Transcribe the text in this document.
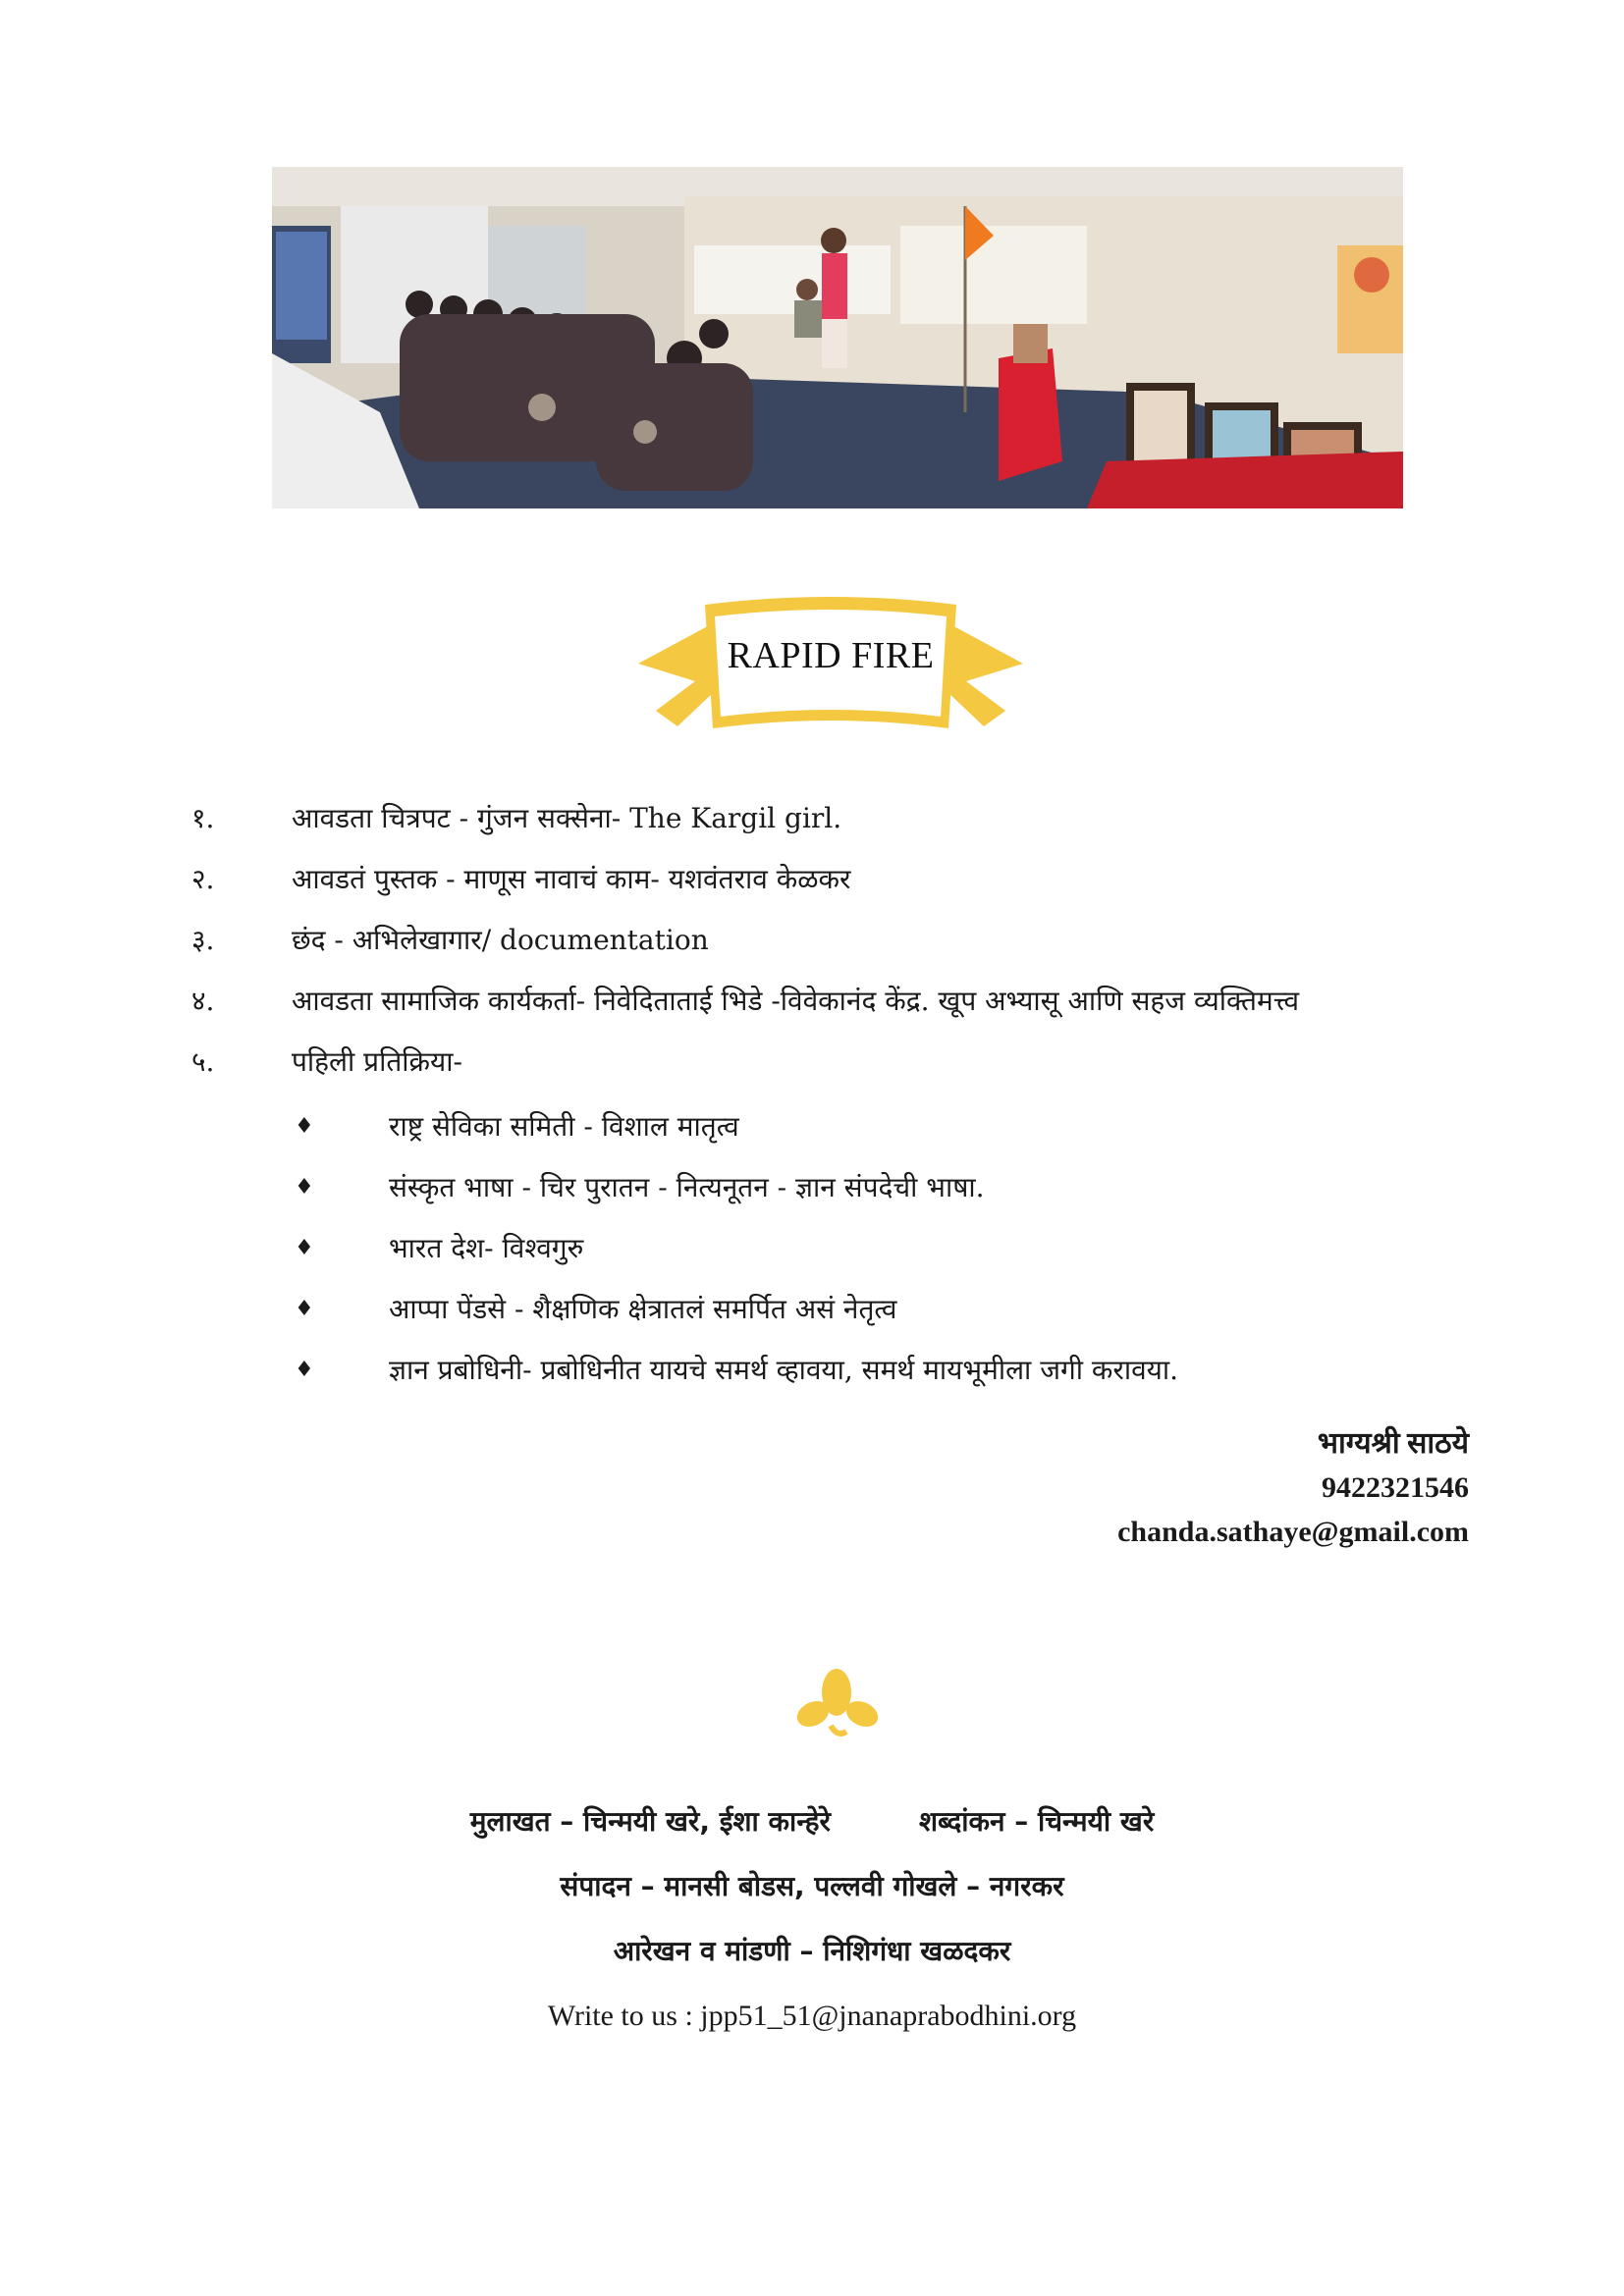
RAPID FIRE
१.	आवडता चित्रपट - गुंजन सक्सेना- The Kargil girl.
२.	आवडतं पुस्तक - माणूस नावाचं काम- यशवंतराव केळकर
३.	छंद - अभिलेखागार/ documentation
४.	आवडता सामाजिक कार्यकर्ता- निवेदिताताई भिडे -विवेकानंद केंद्र. खूप अभ्यासू आणि सहज व्यक्तिमत्त्व
५.	पहिली प्रतिक्रिया-
♦	राष्ट्र सेविका समिती - विशाल मातृत्व
♦	संस्कृत भाषा - चिर पुरातन - नित्यनूतन - ज्ञान संपदेची भाषा.
♦	भारत देश- विश्वगुरु
♦	आप्पा पेंडसे - शैक्षणिक क्षेत्रातलं समर्पित असं नेतृत्व
♦	ज्ञान प्रबोधिनी- प्रबोधिनीत यायचे समर्थ व्हावया, समर्थ मायभूमीला जगी करावया.
भाग्यश्री साठये
9422321546
chanda.sathaye@gmail.com
मुलाखत – चिन्मयी खरे, ईशा कान्हेरे	शब्दांकन – चिन्मयी खरे
संपादन – मानसी बोडस, पल्लवी गोखले – नगरकर
आरेखन व मांडणी – निशिगंधा खळदकर
Write to us : jpp51_51@jnanaprabodhini.org
